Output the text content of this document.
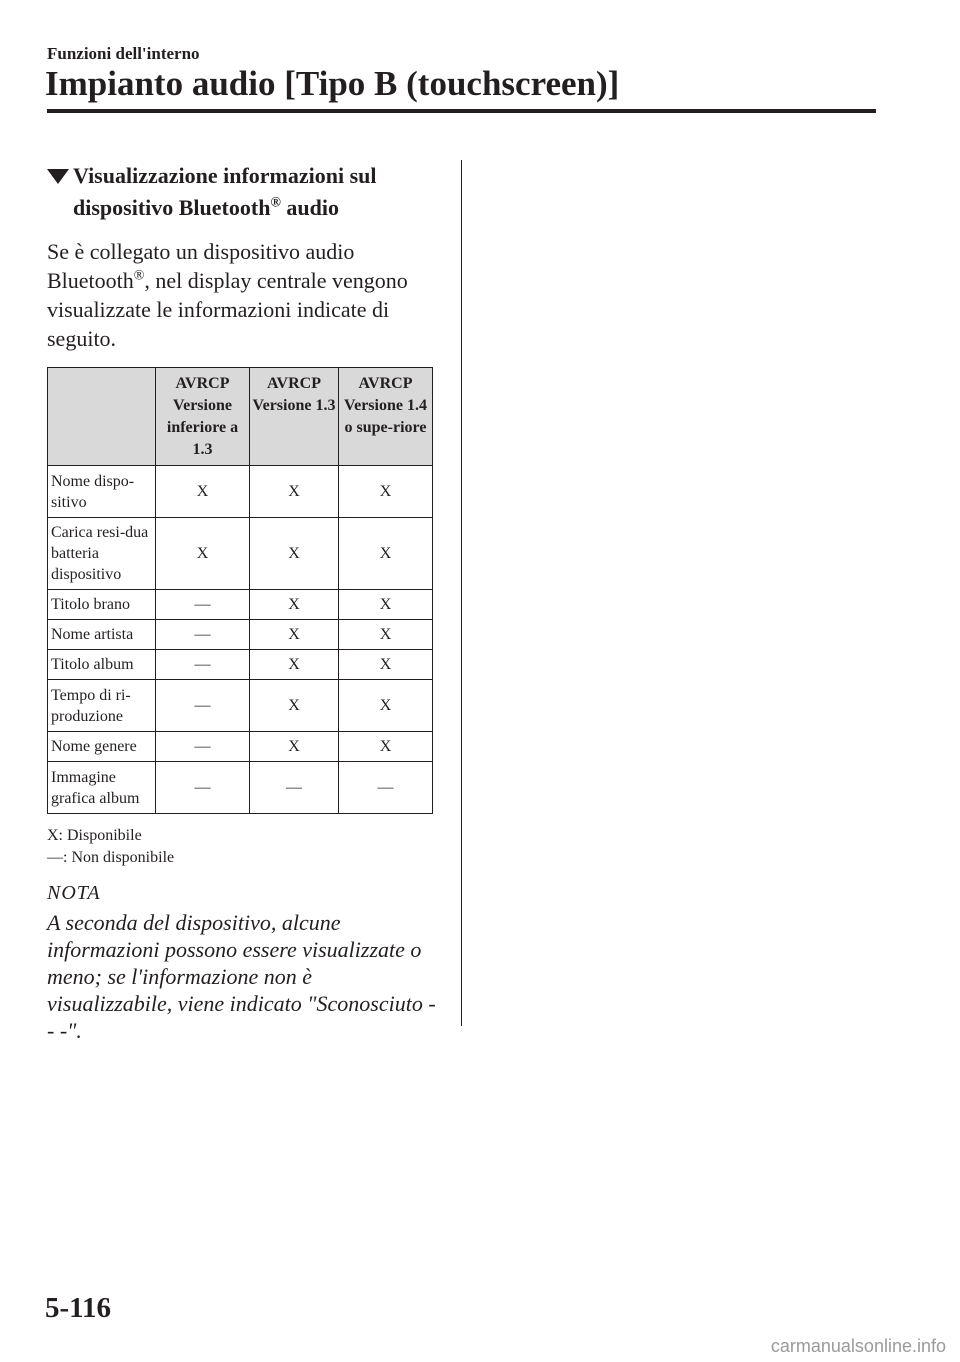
Funzioni dell'interno
Impianto audio [Tipo B (touchscreen)]
Visualizzazione informazioni sul
dispositivo Bluetooth® audio

Se è collegato un dispositivo audio Bluetooth®, nel display centrale vengono visualizzate le informazioni indicate di seguito.

	AVRCP Versione inferiore a 1.3	AVRCP Versione 1.3	AVRCP Versione 1.4 o supe-riore
Nome dispo-sitivo	X	X	X
Carica resi-dua batteria dispositivo	X	X	X
Titolo brano	—	X	X
Nome artista	—	X	X
Titolo album	—	X	X
Tempo di ri-produzione	—	X	X
Nome genere	—	X	X
Immagine grafica album	—	—	—
X: Disponibile
—: Non disponibile
NOTA

A seconda del dispositivo, alcune informazioni possono essere visualizzate o meno; se l'informazione non è visualizzabile, viene indicato "Sconosciuto - - -".

5-116
carmanualsonline.info
